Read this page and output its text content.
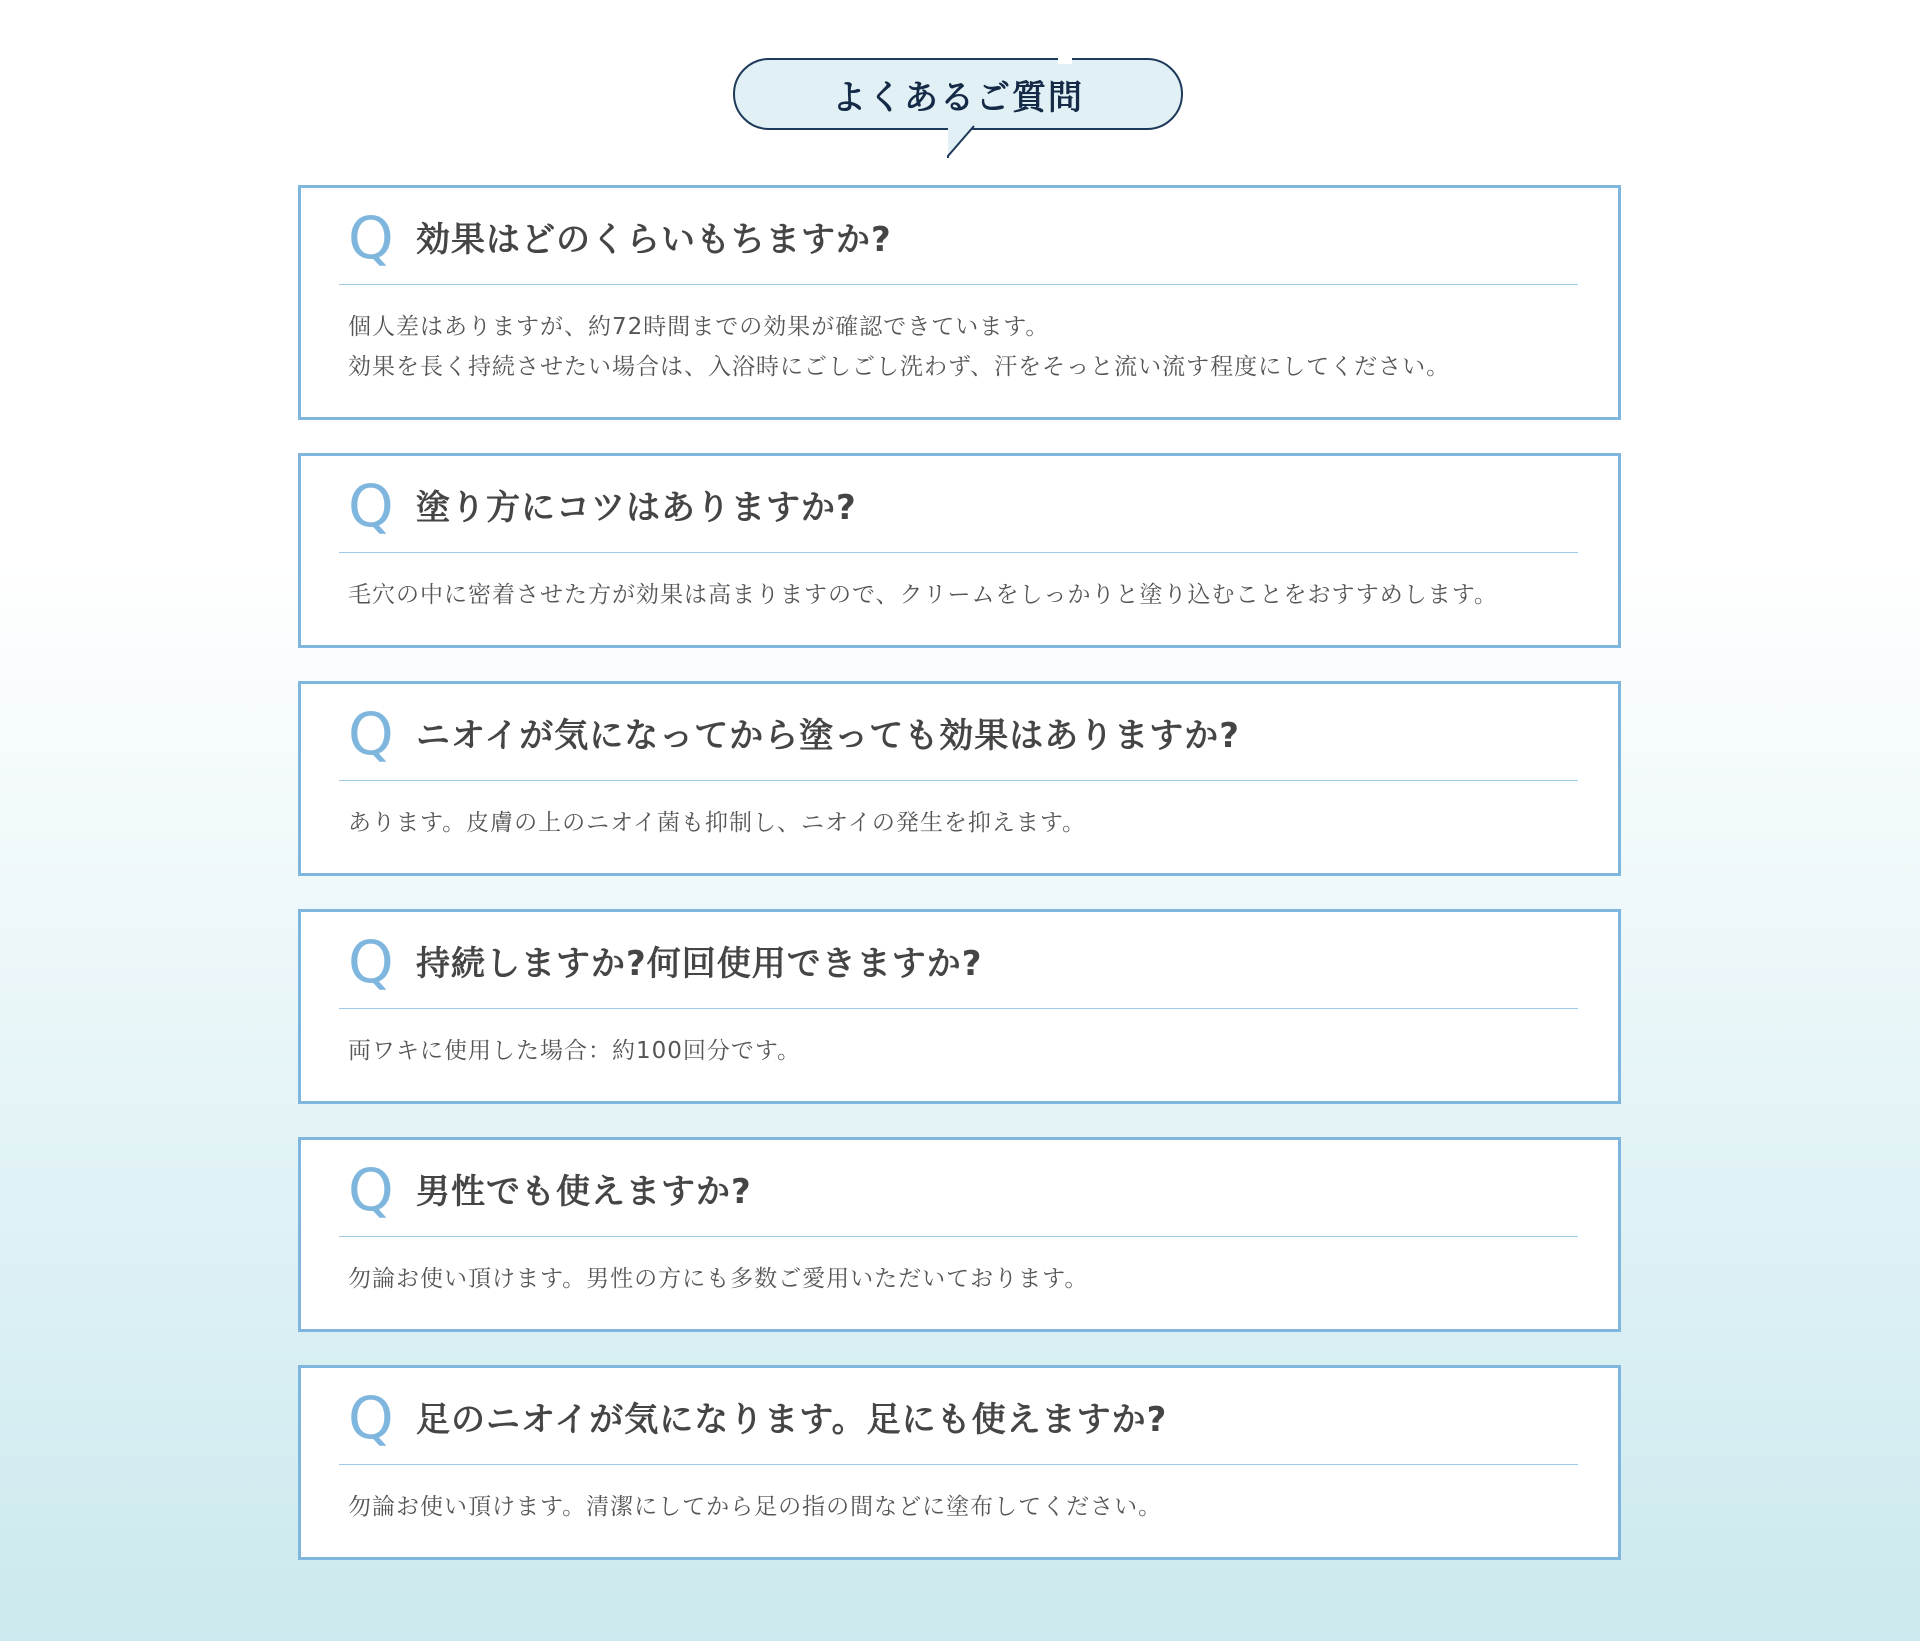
よくあるご質問
Q 効果はどのくらいもちますか?

個人差はありますが、約72時間までの効果が確認できています。

効果を長く持続させたい場合は、入浴時にごしごし洗わず、汗をそっと流い流す程度にしてください。

Q 塗り方にコツはありますか?

毛穴の中に密着させた方が効果は高まりますので、クリームをしっかりと塗り込むことをおすすめします。

Q ニオイが気になってから塗っても効果はありますか?

あります。皮膚の上のニオイ菌も抑制し、ニオイの発生を抑えます。

Q 持続しますか?何回使用できますか?

両ワキに使用した場合：約100回分です。

Q 男性でも使えますか?

勿論お使い頂けます。男性の方にも多数ご愛用いただいております。

Q 足のニオイが気になります。足にも使えますか?

勿論お使い頂けます。清潔にしてから足の指の間などに塗布してください。
